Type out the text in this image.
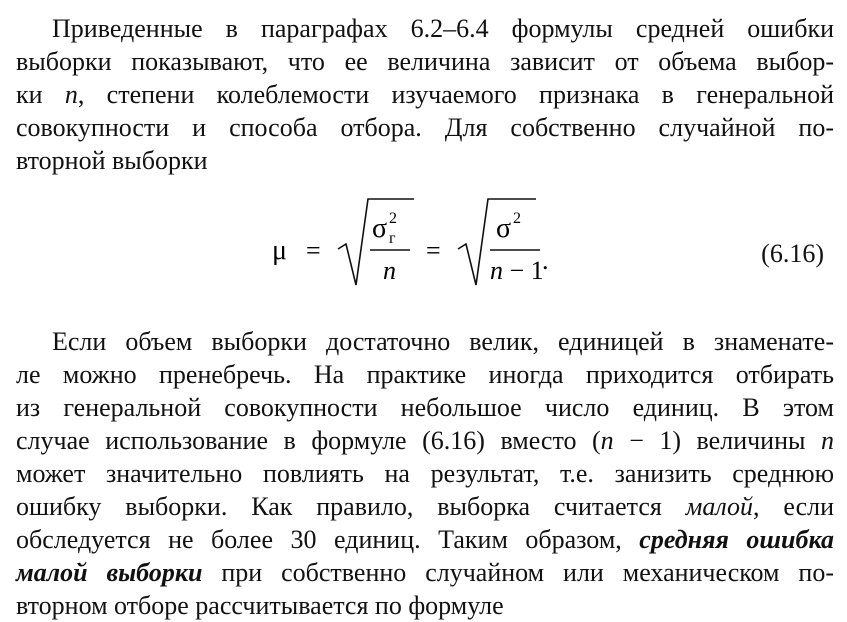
Приведенные в параграфах 6.2–6.4 формулы средней ошибки
выборки показывают, что ее величина зависит от объема выбор-
ки n, степени колеблемости изучаемого признака в генеральной
совокупности и способа отбора. Для собственно случайной по-
вторной выборки
μ =
σ 2
г
n
=
σ 2
n − 1
.	(6.16)
Если объем выборки достаточно велик, единицей в знаменате-
ле можно пренебречь. На практике иногда приходится отбирать
из генеральной совокупности небольшое число единиц. В этом
случае использование в формуле (6.16) вместо (n − 1) величины n
может значительно повлиять на результат, т.е. занизить среднюю
ошибку выборки. Как правило, выборка считается малой, если
обследуется не более 30 единиц. Таким образом, средняя ошибка
малой выборки при собственно случайном или механическом по-
вторном отборе рассчитывается по формуле
